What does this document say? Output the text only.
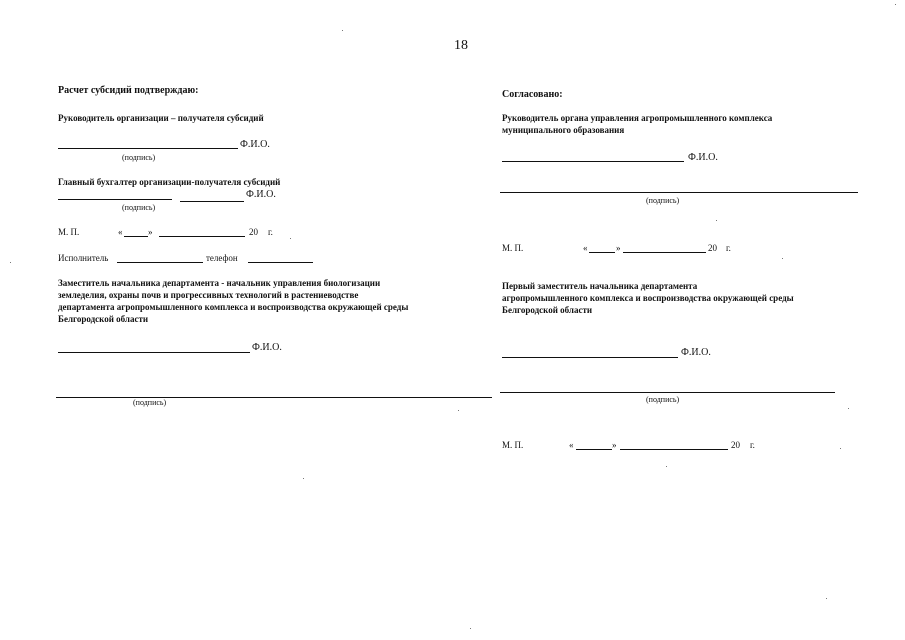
18
Расчет субсидий подтверждаю:
Руководитель организации – получателя субсидий
Ф.И.О.
(подпись)
Главный бухгалтер организации-получателя субсидий
Ф.И.О.
(подпись)
М. П.	«	»	20 г.
Исполнитель	телефон
Заместитель начальника департамента - начальник управления биологизации
земледелия, охраны почв и прогрессивных технологий в растениеводстве
департамента агропромышленного комплекса и воспроизводства окружающей среды
Белгородской области
Ф.И.О.
(подпись)
Согласовано:
Руководитель органа управления агропромышленного комплекса
муниципального образования
Ф.И.О.
(подпись)
М. П.	«	»	20 г.
Первый заместитель начальника департамента
агропромышленного комплекса и воспроизводства окружающей среды
Белгородской области
Ф.И.О.
(подпись)
М. П.	«	»	20 г.
